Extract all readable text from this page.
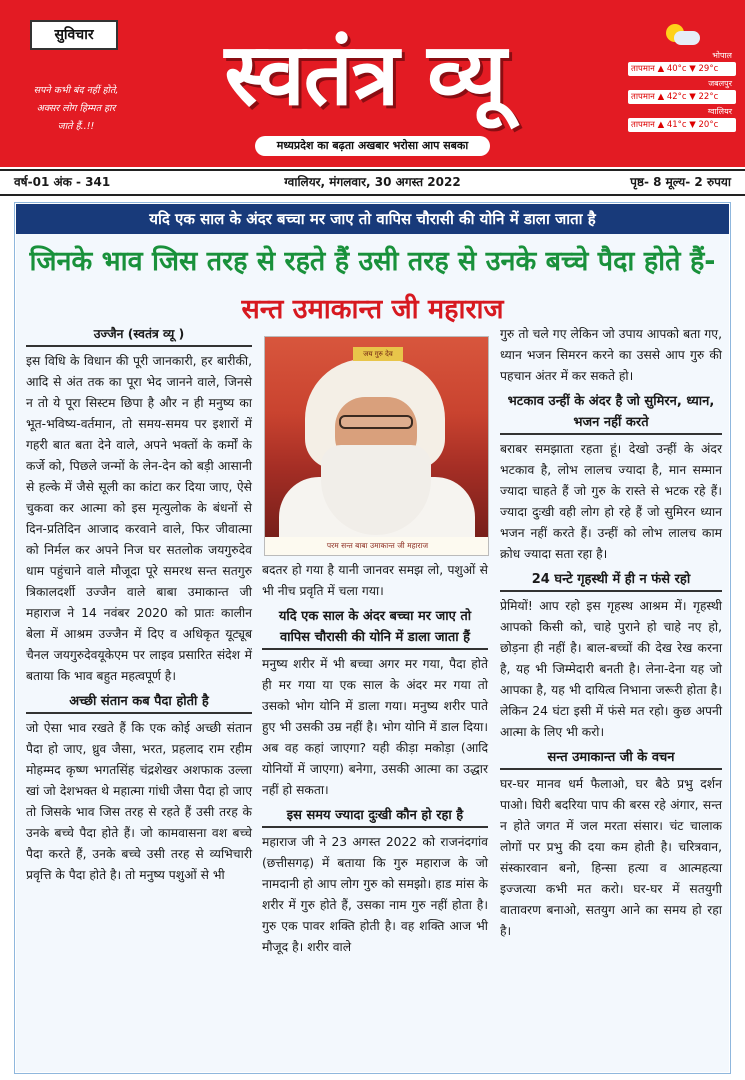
सुविचार
सपने कभी बंद नहीं होते, अक्सर लोग हिम्मत हार जाते हैं..!!
स्वतंत्र व्यू
मध्यप्रदेश का बढ़ता अखबार भरोसा आप सबका
भोपाल
तापमान ▲ 40°c ▼ 29°c
जबलपुर
तापमान ▲ 42°c ▼ 22°c
ग्वालियर
तापमान ▲ 41°c ▼ 20°c
ग्वालियर, मंगलवार, 30 अगस्त 2022
वर्ष-01 अंक - 341	पृष्ठ- 8 मूल्य- 2 रुपया
यदि एक साल के अंदर बच्चा मर जाए तो वापिस चौरासी की योनि में डाला जाता है
जिनके भाव जिस तरह से रहते हैं उसी तरह से उनके बच्चे पैदा होते हैं- सन्त उमाकान्त जी महाराज
उज्जैन (स्वतंत्र व्यू )

इस विधि के विधान की पूरी जानकारी, हर बारीकी, आदि से अंत तक का पूरा भेद जानने वाले, जिनसे न तो ये पूरा सिस्टम छिपा है और न ही मनुष्य का भूत-भविष्य-वर्तमान, तो समय-समय पर इशारों में गहरी बात बता देने वाले, अपने भक्तों के कर्मों के कर्जे को, पिछले जन्मों के लेन-देन को बड़ी आसानी से हल्के में जैसे सूली का कांटा कर दिया जाए, ऐसे चुकवा कर आत्मा को इस मृत्युलोक के बंधनों से दिन-प्रतिदिन आजाद करवाने वाले, फिर जीवात्मा को निर्मल कर अपने निज घर सतलोक जयगुरुदेव धाम पहुंचाने वाले मौजूदा पूरे समरथ सन्त सतगुरु त्रिकालदर्शी उज्जैन वाले बाबा उमाकान्त जी महाराज ने 14 नवंबर 2020 को प्रातः कालीन बेला में आश्रम उज्जैन में दिए व अधिकृत यूट्यूब चैनल जयगुरुदेवयूकेएम पर लाइव प्रसारित संदेश में बताया कि भाव बहुत महत्वपूर्ण है।

अच्छी संतान कब पैदा होती है

जो ऐसा भाव रखते हैं कि एक कोई अच्छी संतान पैदा हो जाए, ध्रुव जैसा, भरत, प्रहलाद राम रहीम मोहम्मद कृष्ण भगतसिंह चंद्रशेखर अशफाक उल्ला खां जो देशभक्त थे महात्मा गांधी जैसा पैदा हो जाए तो जिसके भाव जिस तरह से रहते हैं उसी तरह के उनके बच्चे पैदा होते हैं। जो कामवासना वश बच्चे पैदा करते हैं, उनके बच्चे उसी तरह से व्यभिचारी प्रवृत्ति के पैदा होते है। तो मनुष्य पशुओं से भी

जय गुरु देव
परम सन्त बाबा उमाकान्त जी महाराज

बदतर हो गया है यानी जानवर समझ लो, पशुओं से भी नीच प्रवृति में चला गया।

यदि एक साल के अंदर बच्चा मर जाए तो वापिस चौरासी की योनि में डाला जाता हैं

मनुष्य शरीर में भी बच्चा अगर मर गया, पैदा होते ही मर गया या एक साल के अंदर मर गया तो उसको भोग योनि में डाला गया। मनुष्य शरीर पाते हुए भी उसकी उम्र नहीं है। भोग योनि में डाल दिया। अब वह कहां जाएगा? यही कीड़ा मकोड़ा (आदि योनियों में जाएगा) बनेगा, उसकी आत्मा का उद्धार नहीं हो सकता।

इस समय ज्यादा दुःखी कौन हो रहा है

महाराज जी ने 23 अगस्त 2022 को राजनंदगांव (छत्तीसगढ़) में बताया कि गुरु महाराज के जो नामदानी हो आप लोग गुरु को समझो। हाड मांस के शरीर में गुरु होते हैं, उसका नाम गुरु नहीं होता है। गुरु एक पावर शक्ति होती है। वह शक्ति आज भी मौजूद है। शरीर वाले

गुरु तो चले गए लेकिन जो उपाय आपको बता गए, ध्यान भजन सिमरन करने का उससे आप गुरु की पहचान अंतर में कर सकते हो।

भटकाव उन्हीं के अंदर है जो सुमिरन, ध्यान, भजन नहीं करते

बराबर समझाता रहता हूं। देखो उन्हीं के अंदर भटकाव है, लोभ लालच ज्यादा है, मान सम्मान ज्यादा चाहते हैं जो गुरु के रास्ते से भटक रहे हैं। ज्यादा दुःखी वही लोग हो रहे हैं जो सुमिरन ध्यान भजन नहीं करते हैं। उन्हीं को लोभ लालच काम क्रोध ज्यादा सता रहा है।

24 घन्टे गृहस्थी में ही न फंसे रहो

प्रेमियों! आप रहो इस गृहस्थ आश्रम में। गृहस्थी आपको किसी को, चाहे पुराने हो चाहे नए हो, छोड़ना ही नहीं है। बाल-बच्चों की देख रेख करना है, यह भी जिम्मेदारी बनती है। लेना-देना यह जो आपका है, यह भी दायित्व निभाना जरूरी होता है। लेकिन 24 घंटा इसी में फंसे मत रहो। कुछ अपनी आत्मा के लिए भी करो।

सन्त उमाकान्त जी के वचन

घर-घर मानव धर्म फैलाओ, घर बैठे प्रभु दर्शन पाओ। घिरी बदरिया पाप की बरस रहे अंगार, सन्त न होते जगत में जल मरता संसार। चंट चालाक लोगों पर प्रभु की दया कम होती है। चरित्रवान, संस्कारवान बनो, हिन्सा हत्या व आत्महत्या इज्जत्या कभी मत करो। घर-घर में सतयुगी वातावरण बनाओ, सतयुग आने का समय हो रहा है।
